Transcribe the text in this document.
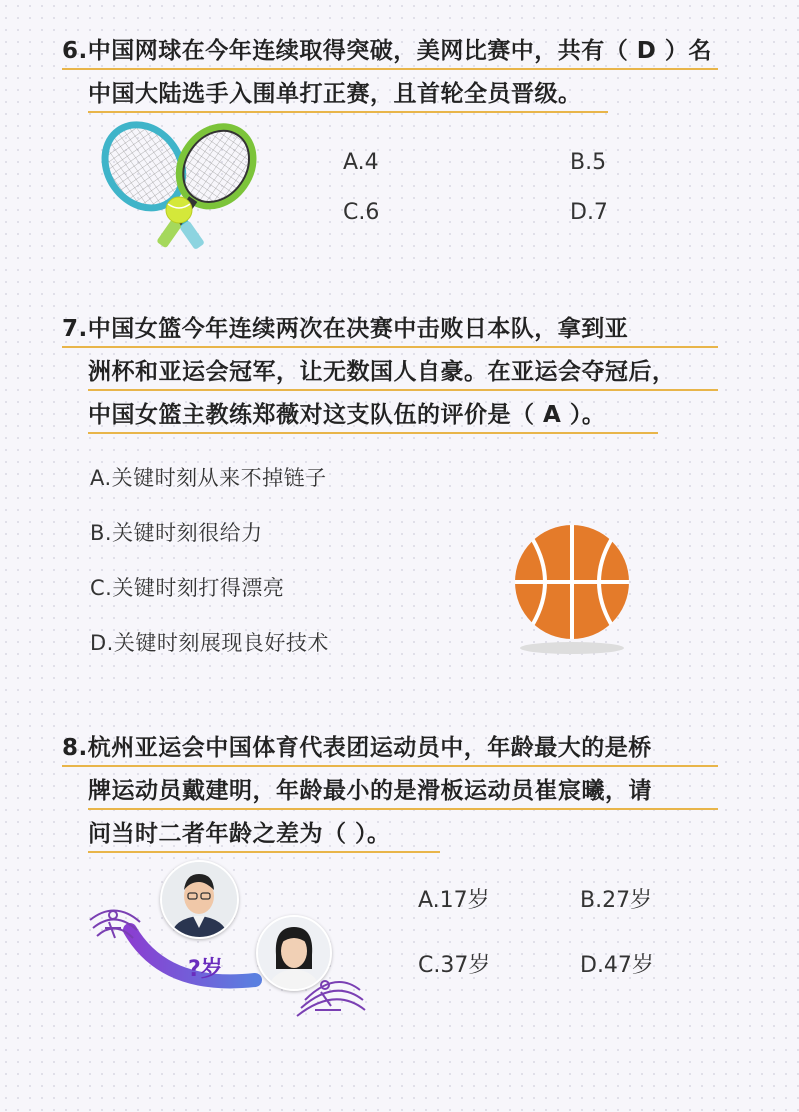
6.中国网球在今年连续取得突破，美网比赛中，共有（ D ）名
中国大陆选手入围单打正赛，且首轮全员晋级。
A.4	B.5
C.6	D.7
7.中国女篮今年连续两次在决赛中击败日本队，拿到亚
洲杯和亚运会冠军，让无数国人自豪。在亚运会夺冠后，
中国女篮主教练郑薇对这支队伍的评价是（ A ）。
A.关键时刻从来不掉链子
B.关键时刻很给力
C.关键时刻打得漂亮
D.关键时刻展现良好技术
8.杭州亚运会中国体育代表团运动员中，年龄最大的是桥
牌运动员戴建明，年龄最小的是滑板运动员崔宸曦，请
问当时二者年龄之差为（ ）。
?岁
A.17岁	B.27岁
C.37岁	D.47岁
